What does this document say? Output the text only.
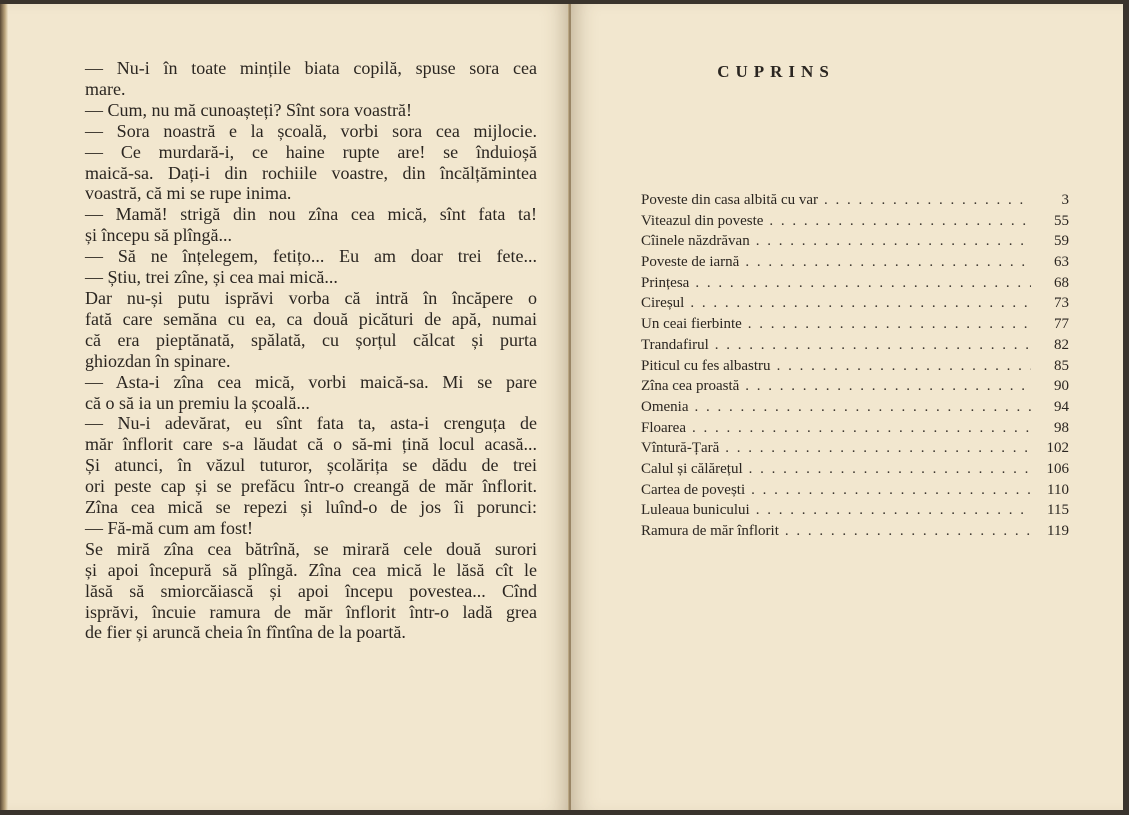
— Nu-i în toate mințile biata copilă, spuse sora cea
mare.
— Cum, nu mă cunoașteți? Sînt sora voastră!
— Sora noastră e la școală, vorbi sora cea mijlocie.
— Ce murdară-i, ce haine rupte are! se înduioșă
maică-sa. Dați-i din rochiile voastre, din încălțămintea
voastră, că mi se rupe inima.
— Mamă! strigă din nou zîna cea mică, sînt fata ta!
și începu să plîngă...
— Să ne înțelegem, fetițo... Eu am doar trei fete...
— Știu, trei zîne, și cea mai mică...
Dar nu-și putu isprăvi vorba că intră în încăpere o
fată care semăna cu ea, ca două picături de apă, numai
că era pieptănată, spălată, cu șorțul călcat și purta
ghiozdan în spinare.
— Asta-i zîna cea mică, vorbi maică-sa. Mi se pare
că o să ia un premiu la școală...
— Nu-i adevărat, eu sînt fata ta, asta-i crenguța de
măr înflorit care s-a lăudat că o să-mi țină locul acasă...
Și atunci, în văzul tuturor, școlărița se dădu de trei
ori peste cap și se prefăcu într-o creangă de măr înflorit.
Zîna cea mică se repezi și luînd-o de jos îi porunci:
— Fă-mă cum am fost!
Se miră zîna cea bătrînă, se mirară cele două surori
și apoi începură să plîngă. Zîna cea mică le lăsă cît le
lăsă să smiorcăiască și apoi începu povestea... Cînd
isprăvi, încuie ramura de măr înflorit într-o ladă grea
de fier și aruncă cheia în fîntîna de la poartă.
CUPRINS
Poveste din casa albită cu var . . .	3
Viteazul din poveste . . .	55
Cîinele năzdrăvan . . .	59
Poveste de iarnă . . .	63
Prințesa . . .	68
Cireșul . . .	73
Un ceai fierbinte . . .	77
Trandafirul . . .	82
Piticul cu fes albastru . . .	85
Zîna cea proastă . . .	90
Omenia . . .	94
Floarea . . .	98
Vîntură-Țară . . .	102
Calul și călărețul . . .	106
Cartea de povești . . .	110
Luleaua bunicului . . .	115
Ramura de măr înflorit . . .	119
